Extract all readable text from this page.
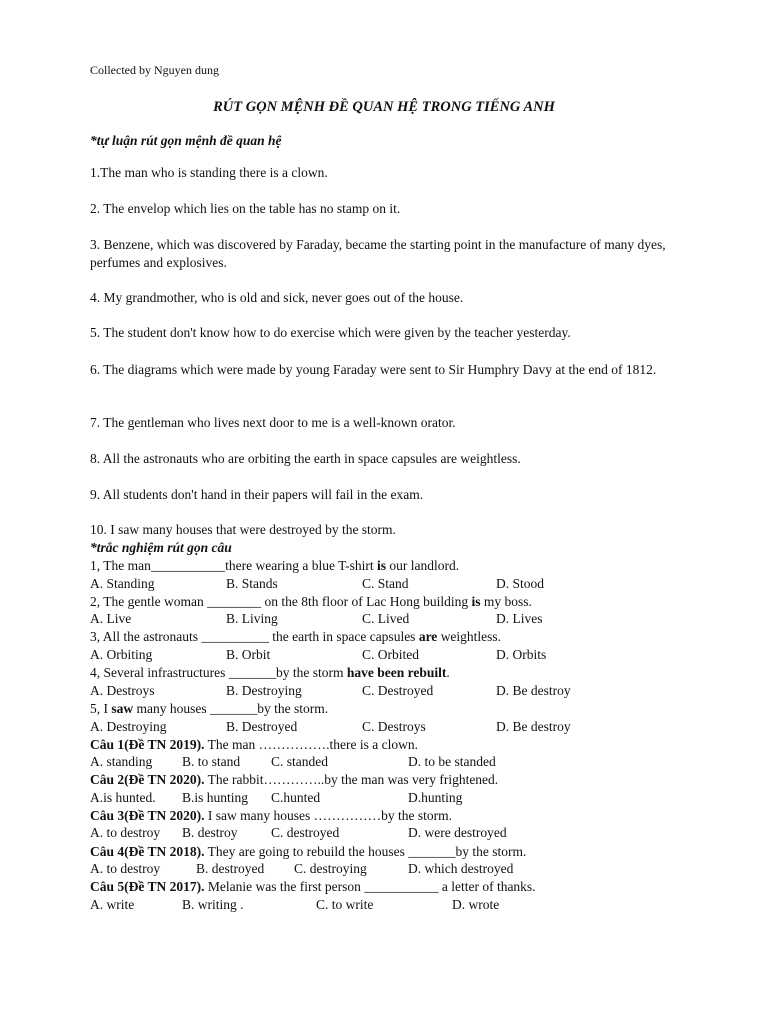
Collected by Nguyen dung
RÚT GỌN MỆNH ĐỀ QUAN HỆ TRONG TIẾNG ANH
*tự luận rút gọn mệnh đề quan hệ
1.The man who is standing there is a clown.
2. The envelop which lies on the table has no stamp on it.
3. Benzene, which was discovered by Faraday, became the starting point in the manufacture of many dyes, perfumes and explosives.
4. My grandmother, who is old and sick, never goes out of the house.
5. The student don't know how to do exercise which were given by the teacher yesterday.
6. The diagrams which were made by young Faraday were sent to Sir Humphry Davy at the end of 1812.
7. The gentleman who lives next door to me is a well-known orator.
8. All the astronauts who are orbiting the earth in space capsules are weightless.
9. All students don't hand in their papers will fail in the exam.
10. I saw many houses that were destroyed by the storm.
*trắc nghiệm rút gọn câu
1, The man___________there wearing a blue T-shirt is our landlord.
A. Standing	B. Stands	C. Stand	D. Stood
2, The gentle woman ________ on the 8th floor of Lac Hong building is my boss.
A. Live	B. Living	C. Lived	D. Lives
3, All the astronauts __________ the earth in space capsules are weightless.
A. Orbiting	B. Orbit	C. Orbited	D. Orbits
4, Several infrastructures _______by the storm have been rebuilt.
A. Destroys	B. Destroying	C. Destroyed	D. Be destroy
5, I saw many houses _______by the storm.
A. Destroying	B. Destroyed	C. Destroys	D. Be destroy
Câu 1(Đề TN 2019). The man …………….there is a clown.
A. standing B. to stand C. standed	D. to be standed
Câu 2(Đề TN 2020). The rabbit…………..by the man was very frightened.
A.is hunted. B.is hunting C.hunted	D.hunting
Câu 3(Đề TN 2020). I saw many houses ……………by the storm.
A. to destroy B. destroy C. destroyed	D. were destroyed
Câu 4(Đề TN 2018). They are going to rebuild the houses _______by the storm.
A. to destroy	B. destroyed C. destroying	D. which destroyed
Câu 5(Đề TN 2017). Melanie was the first person ___________ a letter of thanks.
A. write	B. writing .	C. to write	D. wrote
